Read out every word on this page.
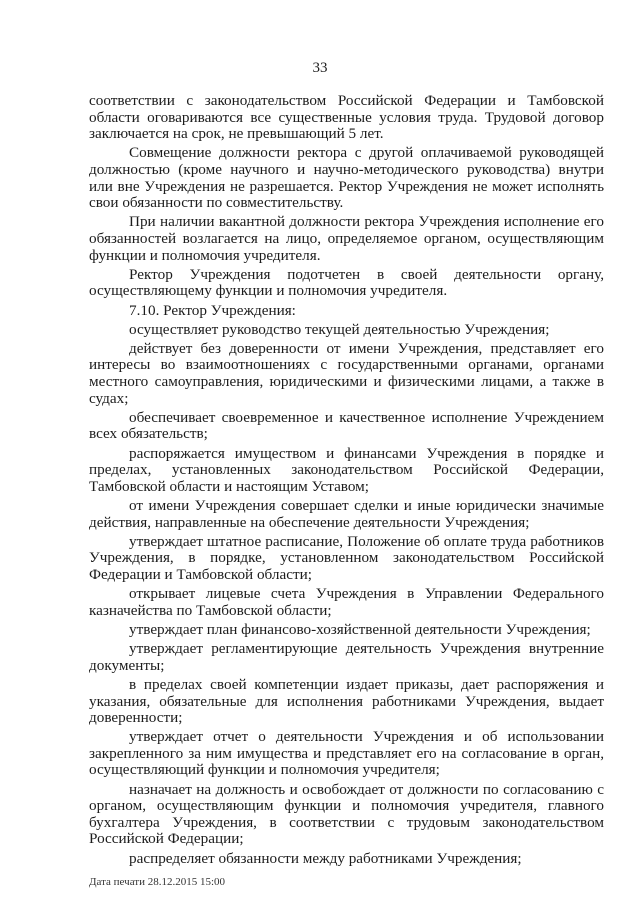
33

соответствии с законодательством Российской Федерации и Тамбовской области оговариваются все существенные условия труда. Трудовой договор заключается на срок, не превышающий 5 лет.

Совмещение должности ректора с другой оплачиваемой руководящей должностью (кроме научного и научно-методического руководства) внутри или вне Учреждения не разрешается. Ректор Учреждения не может исполнять свои обязанности по совместительству.

При наличии вакантной должности ректора Учреждения исполнение его обязанностей возлагается на лицо, определяемое органом, осуществляющим функции и полномочия учредителя.

Ректор Учреждения подотчетен в своей деятельности органу, осуществляющему функции и полномочия учредителя.

7.10. Ректор Учреждения:

осуществляет руководство текущей деятельностью Учреждения;

действует без доверенности от имени Учреждения, представляет его интересы во взаимоотношениях с государственными органами, органами местного самоуправления, юридическими и физическими лицами, а также в судах;

обеспечивает своевременное и качественное исполнение Учреждением всех обязательств;

распоряжается имуществом и финансами Учреждения в порядке и пределах, установленных законодательством Российской Федерации, Тамбовской области и настоящим Уставом;

от имени Учреждения совершает сделки и иные юридически значимые действия, направленные на обеспечение деятельности Учреждения;

утверждает штатное расписание, Положение об оплате труда работников Учреждения, в порядке, установленном законодательством Российской Федерации и Тамбовской области;

открывает лицевые счета Учреждения в Управлении Федерального казначейства по Тамбовской области;

утверждает план финансово-хозяйственной деятельности Учреждения;

утверждает регламентирующие деятельность Учреждения внутренние документы;

в пределах своей компетенции издает приказы, дает распоряжения и указания, обязательные для исполнения работниками Учреждения, выдает доверенности;

утверждает отчет о деятельности Учреждения и об использовании закрепленного за ним имущества и представляет его на согласование в орган, осуществляющий функции и полномочия учредителя;

назначает на должность и освобождает от должности по согласованию с органом, осуществляющим функции и полномочия учредителя, главного бухгалтера Учреждения, в соответствии с трудовым законодательством Российской Федерации;

распределяет обязанности между работниками Учреждения;

Дата печати 28.12.2015 15:00
